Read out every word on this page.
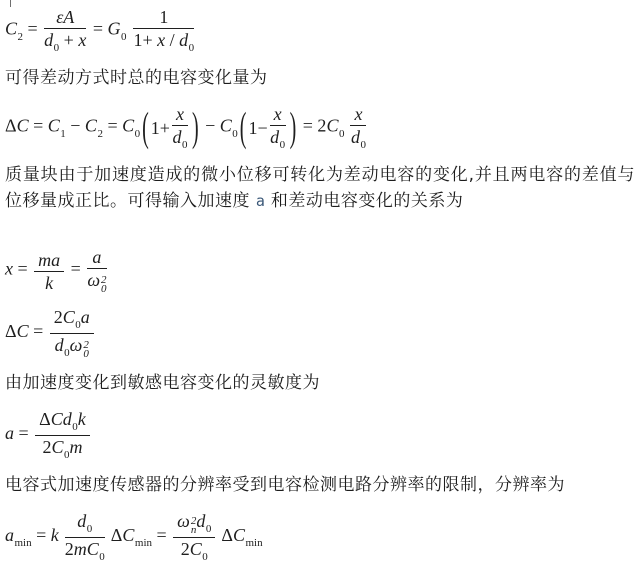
$C_2 = \frac{\varepsilon A}{d_0 + x} = G_0 \frac{1}{1+ x / d_0}$
可得差动方式时总的电容变化量为
$\Delta C = C_1 - C_2 = C_0$ ( $1+ \frac{x}{d_0}$ ) − $C_0$ ( $1- \frac{x}{d_0}$ ) = $2C_0 \frac{x}{d_0}$
质量块由于加速度造成的微小位移可转化为差动电容的变化,并且两电容的差值与位移量成正比。可得输入加速度 a 和差动电容变化的关系为
$x = \frac{ma}{k} = a$
ω 2
0
$\Delta C = 2C_0a$
$d_0\omega$ 2
0
由加速度变化到敏感电容变化的灵敏度为
$a = \frac{\Delta Cd_0k}{2C_0m}$
电容式加速度传感器的分辨率受到电容检测电路分辨率的限制，分辨率为
$a_{min} = k \frac{d_0}{2mC_0} \Delta C_{min} = \omega$ 2
n $d_0$
$2C_0$ $\Delta C_{min}$
